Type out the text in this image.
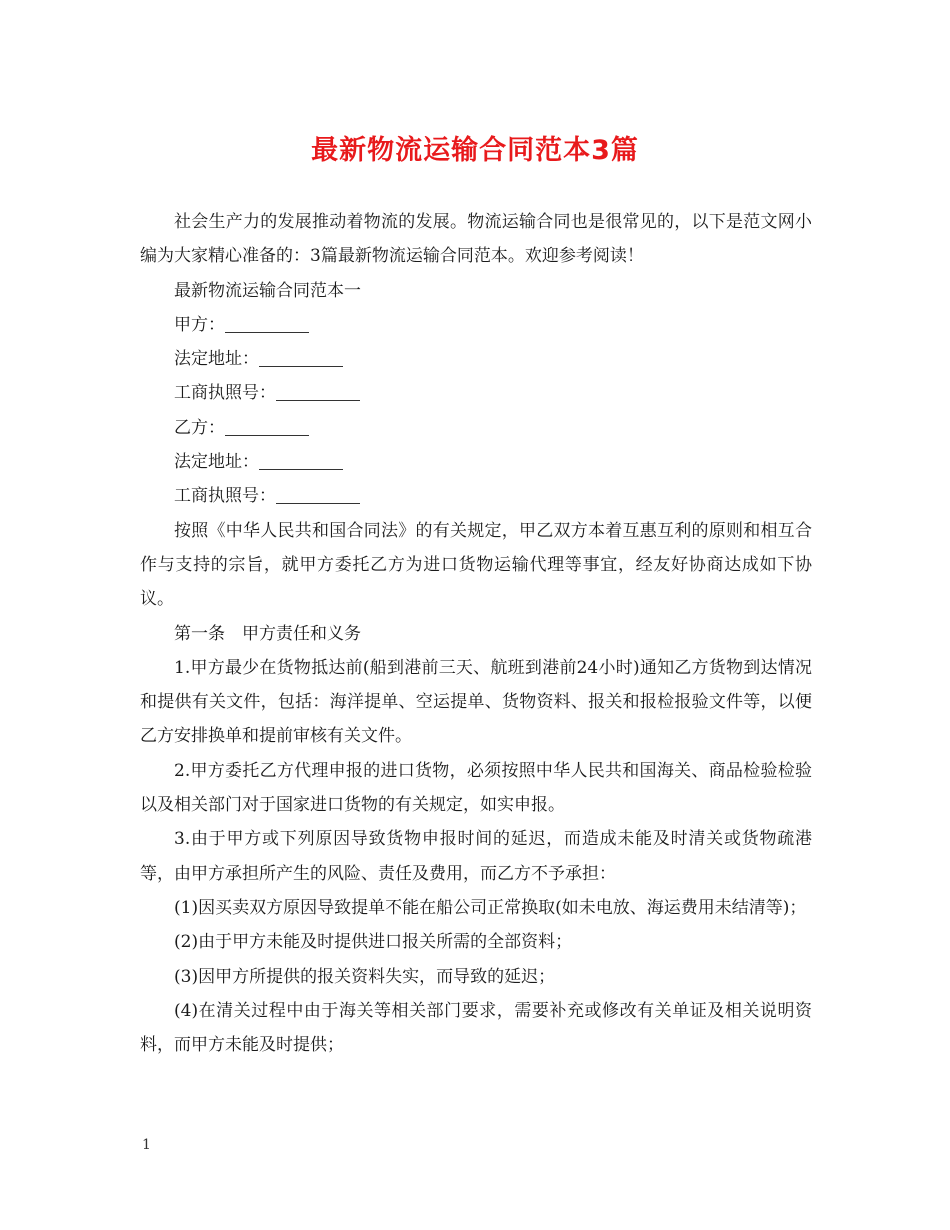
最新物流运输合同范本3篇

社会生产力的发展推动着物流的发展。物流运输合同也是很常见的，以下是范文网小编为大家精心准备的：3篇最新物流运输合同范本。欢迎参考阅读！

最新物流运输合同范本一

甲方：

法定地址：

工商执照号：

乙方：

法定地址：

工商执照号：

按照《中华人民共和国合同法》的有关规定，甲乙双方本着互惠互利的原则和相互合作与支持的宗旨，就甲方委托乙方为进口货物运输代理等事宜，经友好协商达成如下协议。

第一条　甲方责任和义务

1.甲方最少在货物抵达前(船到港前三天、航班到港前24小时)通知乙方货物到达情况和提供有关文件，包括：海洋提单、空运提单、货物资料、报关和报检报验文件等，以便乙方安排换单和提前审核有关文件。

2.甲方委托乙方代理申报的进口货物，必须按照中华人民共和国海关、商品检验检验以及相关部门对于国家进口货物的有关规定，如实申报。

3.由于甲方或下列原因导致货物申报时间的延迟，而造成未能及时清关或货物疏港等，由甲方承担所产生的风险、责任及费用，而乙方不予承担：

(1)因买卖双方原因导致提单不能在船公司正常换取(如未电放、海运费用未结清等)；

(2)由于甲方未能及时提供进口报关所需的全部资料；

(3)因甲方所提供的报关资料失实，而导致的延迟；

(4)在清关过程中由于海关等相关部门要求，需要补充或修改有关单证及相关说明资料，而甲方未能及时提供；

1
